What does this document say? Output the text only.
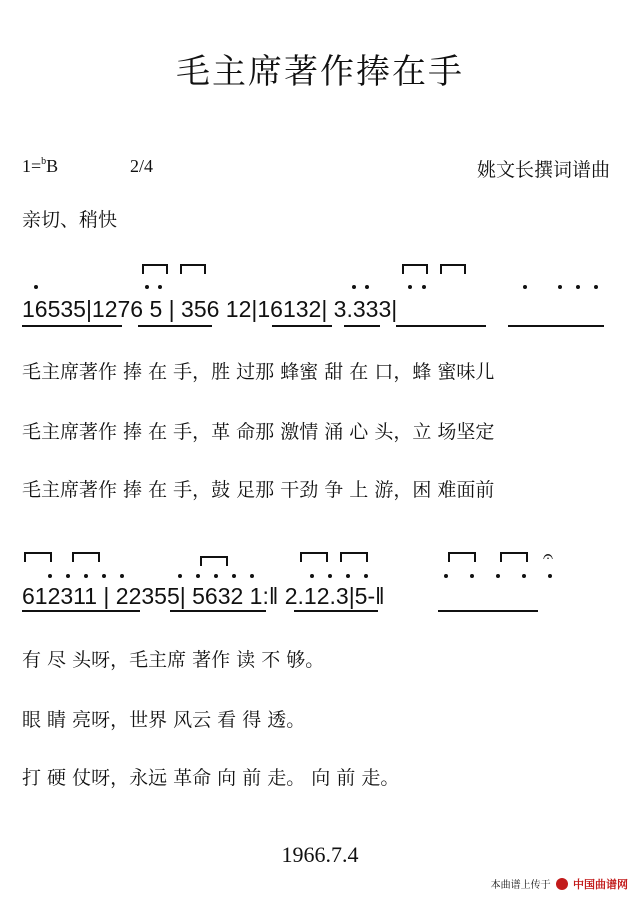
毛主席著作捧在手
1=$^b$B	2/4	姚文长撰词谱曲
亲切、稍快
16535|1276 5 | 356 12|16132| 3.333|
毛主席著作 捧 在 手，胜 过那 蜂蜜 甜 在 口，蜂 蜜味儿
毛主席著作 捧 在 手，革 命那 激情 涌 心 头，立 场坚定
毛主席著作 捧 在 手，鼓 足那 干劲 争 上 游，困 难面前
𝄐
612311 | 22355| 5632 1:‖ 2.12.3|5-‖
有 尽 头呀，毛主席 著作 读 不 够。
眼 睛 亮呀，世界 风云 看 得 透。
打 硬 仗呀，永远 革命 向 前 走。 向 前 走。
1966.7.4
本曲谱上传于 中国曲谱网
